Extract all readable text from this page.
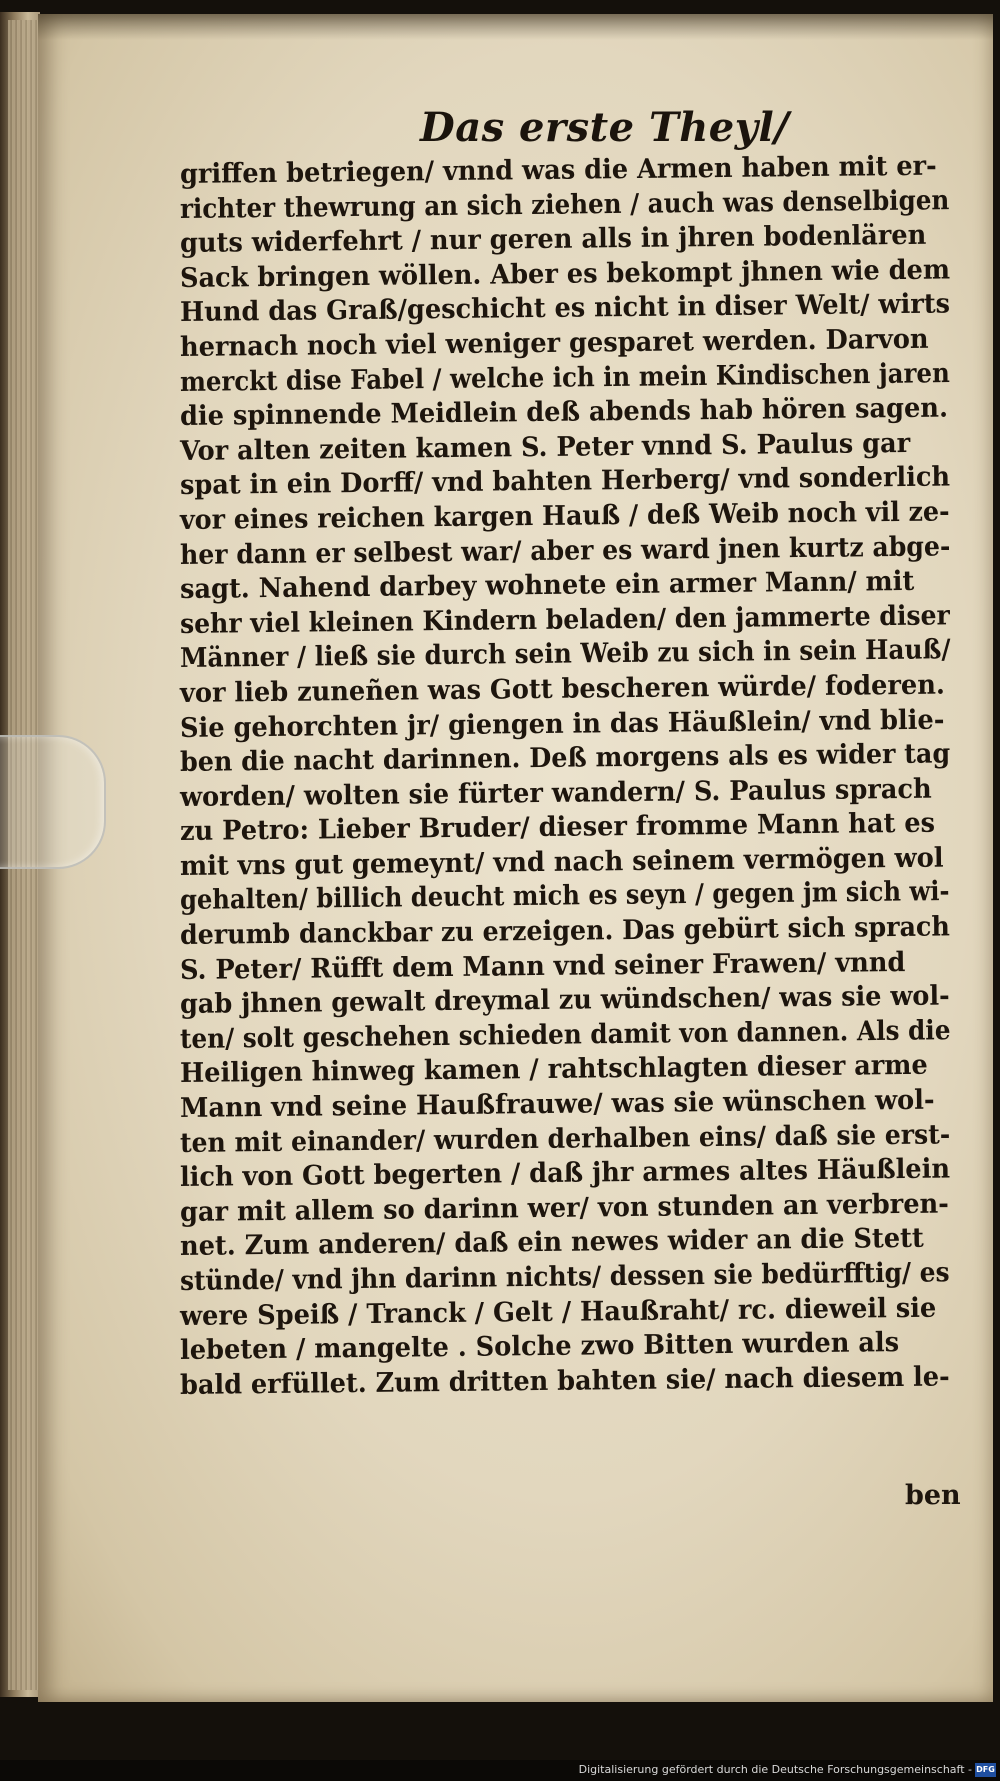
Das erste Theyl/
griffen betriegen/ vnnd was die Armen haben mit er-
richter thewrung an sich ziehen / auch was denselbigen
guts widerfehrt / nur geren alls in jhren bodenlären
Sack bringen wöllen. Aber es bekompt jhnen wie dem
Hund das Graß/geschicht es nicht in diser Welt/ wirts
hernach noch viel weniger gesparet werden. Darvon
merckt dise Fabel / welche ich in mein Kindischen jaren
die spinnende Meidlein deß abends hab hören sagen.
Vor alten zeiten kamen S. Peter vnnd S. Paulus gar
spat in ein Dorff/ vnd bahten Herberg/ vnd sonderlich
vor eines reichen kargen Hauß / deß Weib noch vil ze-
her dann er selbest war/ aber es ward jnen kurtz abge-
sagt. Nahend darbey wohnete ein armer Mann/ mit
sehr viel kleinen Kindern beladen/ den jammerte diser
Männer / ließ sie durch sein Weib zu sich in sein Hauß/
vor lieb zuneñen was Gott bescheren würde/ foderen.
Sie gehorchten jr/ giengen in das Häußlein/ vnd blie-
ben die nacht darinnen. Deß morgens als es wider tag
worden/ wolten sie fürter wandern/ S. Paulus sprach
zu Petro: Lieber Bruder/ dieser fromme Mann hat es
mit vns gut gemeynt/ vnd nach seinem vermögen wol
gehalten/ billich deucht mich es seyn / gegen jm sich wi-
derumb danckbar zu erzeigen. Das gebürt sich sprach
S. Peter/ Rüfft dem Mann vnd seiner Frawen/ vnnd
gab jhnen gewalt dreymal zu wündschen/ was sie wol-
ten/ solt geschehen schieden damit von dannen. Als die
Heiligen hinweg kamen / rahtschlagten dieser arme
Mann vnd seine Haußfrauwe/ was sie wünschen wol-
ten mit einander/ wurden derhalben eins/ daß sie erst-
lich von Gott begerten / daß jhr armes altes Häußlein
gar mit allem so darinn wer/ von stunden an verbren-
net. Zum anderen/ daß ein newes wider an die Stett
stünde/ vnd jhn darinn nichts/ dessen sie bedürfftig/ es
were Speiß / Tranck / Gelt / Haußraht/ rc. dieweil sie
lebeten / mangelte . Solche zwo Bitten wurden als
bald erfüllet. Zum dritten bahten sie/ nach diesem le-
ben
Digitalisierung gefördert durch die Deutsche Forschungsgemeinschaft - DFG
